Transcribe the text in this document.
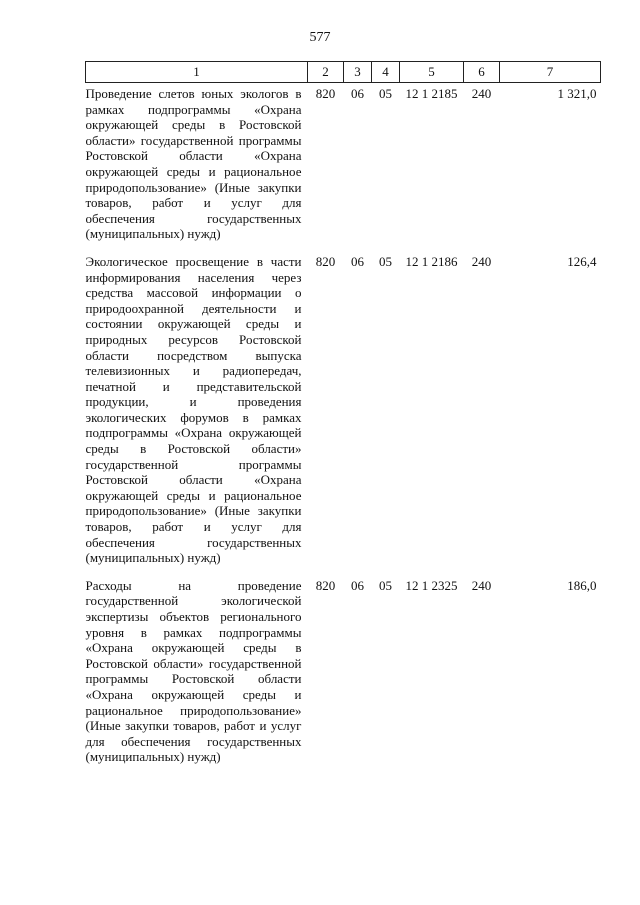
577
1	2	3	4	5	6	7
Проведение слетов юных экологов в рамках подпрограммы «Охрана окружающей среды в Ростовской области» государственной программы Ростовской области «Охрана окружающей среды и рациональное природопользование» (Иные закупки товаров, работ и услуг для обеспечения государственных (муниципальных) нужд)	820	06	05	12 1 2185	240	1 321,0
Экологическое просвещение в части информирования населения через средства массовой информации о природоохранной деятельности и состоянии окружающей среды и природных ресурсов Ростовской области посредством выпуска телевизионных и радиопередач, печатной и представительской продукции, и проведения экологических форумов в рамках подпрограммы «Охрана окружающей среды в Ростовской области» государственной программы Ростовской области «Охрана окружающей среды и рациональное природопользование» (Иные закупки товаров, работ и услуг для обеспечения государственных (муниципальных) нужд)	820	06	05	12 1 2186	240	126,4
Расходы на проведение государственной экологической экспертизы объектов регионального уровня в рамках подпрограммы «Охрана окружающей среды в Ростовской области» государственной программы Ростовской области «Охрана окружающей среды и рациональное природопользование» (Иные закупки товаров, работ и услуг для обеспечения государственных (муниципальных) нужд)	820	06	05	12 1 2325	240	186,0
